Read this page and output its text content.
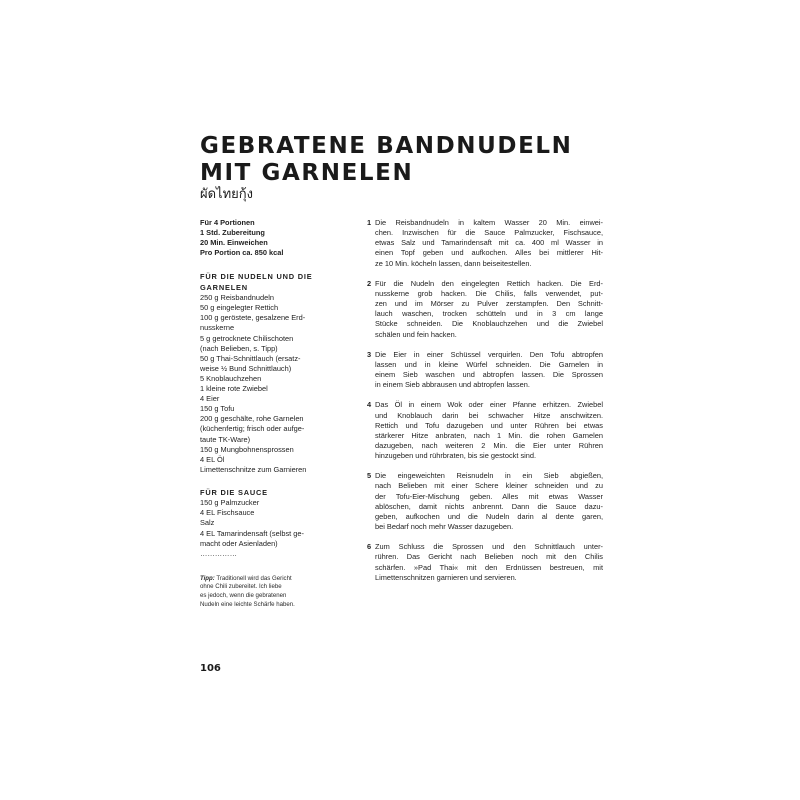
GEBRATENE BANDNUDELN
MIT GARNELEN
ผัดไทยกุ้ง
Für 4 Portionen
1 Std. Zubereitung
20 Min. Einweichen
Pro Portion ca. 850 kcal
FÜR DIE NUDELN UND DIE
GARNELEN
250 g Reisbandnudeln
50 g eingelegter Rettich
100 g geröstete, gesalzene Erd-
nusskerne
5 g getrocknete Chilischoten
(nach Belieben, s. Tipp)
50 g Thai-Schnittlauch (ersatz-
weise ½ Bund Schnittlauch)
5 Knoblauchzehen
1 kleine rote Zwiebel
4 Eier
150 g Tofu
200 g geschälte, rohe Garnelen
(küchenfertig; frisch oder aufge-
taute TK-Ware)
150 g Mungbohnensprossen
4 EL Öl
Limettenschnitze zum Garnieren
FÜR DIE SAUCE
150 g Palmzucker
4 EL Fischsauce
Salz
4 EL Tamarindensaft (selbst ge-
macht oder Asienladen)
……………
Tipp: Traditionell wird das Gericht
ohne Chili zubereitet. Ich liebe
es jedoch, wenn die gebratenen
Nudeln eine leichte Schärfe haben.
1 Die Reisbandnudeln in kaltem Wasser 20 Min. einwei-
chen. Inzwischen für die Sauce Palmzucker, Fischsauce,
etwas Salz und Tamarindensaft mit ca. 400 ml Wasser in
einen Topf geben und aufkochen. Alles bei mittlerer Hit-
ze 10 Min. köcheln lassen, dann beiseitestellen.
2 Für die Nudeln den eingelegten Rettich hacken. Die Erd-
nusskerne grob hacken. Die Chilis, falls verwendet, put-
zen und im Mörser zu Pulver zerstampfen. Den Schnitt-
lauch waschen, trocken schütteln und in 3 cm lange
Stücke schneiden. Die Knoblauchzehen und die Zwiebel
schälen und fein hacken.
3 Die Eier in einer Schüssel verquirlen. Den Tofu abtropfen
lassen und in kleine Würfel schneiden. Die Garnelen in
einem Sieb waschen und abtropfen lassen. Die Sprossen
in einem Sieb abbrausen und abtropfen lassen.
4 Das Öl in einem Wok oder einer Pfanne erhitzen. Zwiebel
und Knoblauch darin bei schwacher Hitze anschwitzen.
Rettich und Tofu dazugeben und unter Rühren bei etwas
stärkerer Hitze anbraten, nach 1 Min. die rohen Garnelen
dazugeben, nach weiteren 2 Min. die Eier unter Rühren
hinzugeben und rührbraten, bis sie gestockt sind.
5 Die eingeweichten Reisnudeln in ein Sieb abgießen,
nach Belieben mit einer Schere kleiner schneiden und zu
der Tofu-Eier-Mischung geben. Alles mit etwas Wasser
ablöschen, damit nichts anbrennt. Dann die Sauce dazu-
geben, aufkochen und die Nudeln darin al dente garen,
bei Bedarf noch mehr Wasser dazugeben.
6 Zum Schluss die Sprossen und den Schnittlauch unter-
rühren. Das Gericht nach Belieben noch mit den Chilis
schärfen. »Pad Thai« mit den Erdnüssen bestreuen, mit
Limettenschnitzen garnieren und servieren.
106
